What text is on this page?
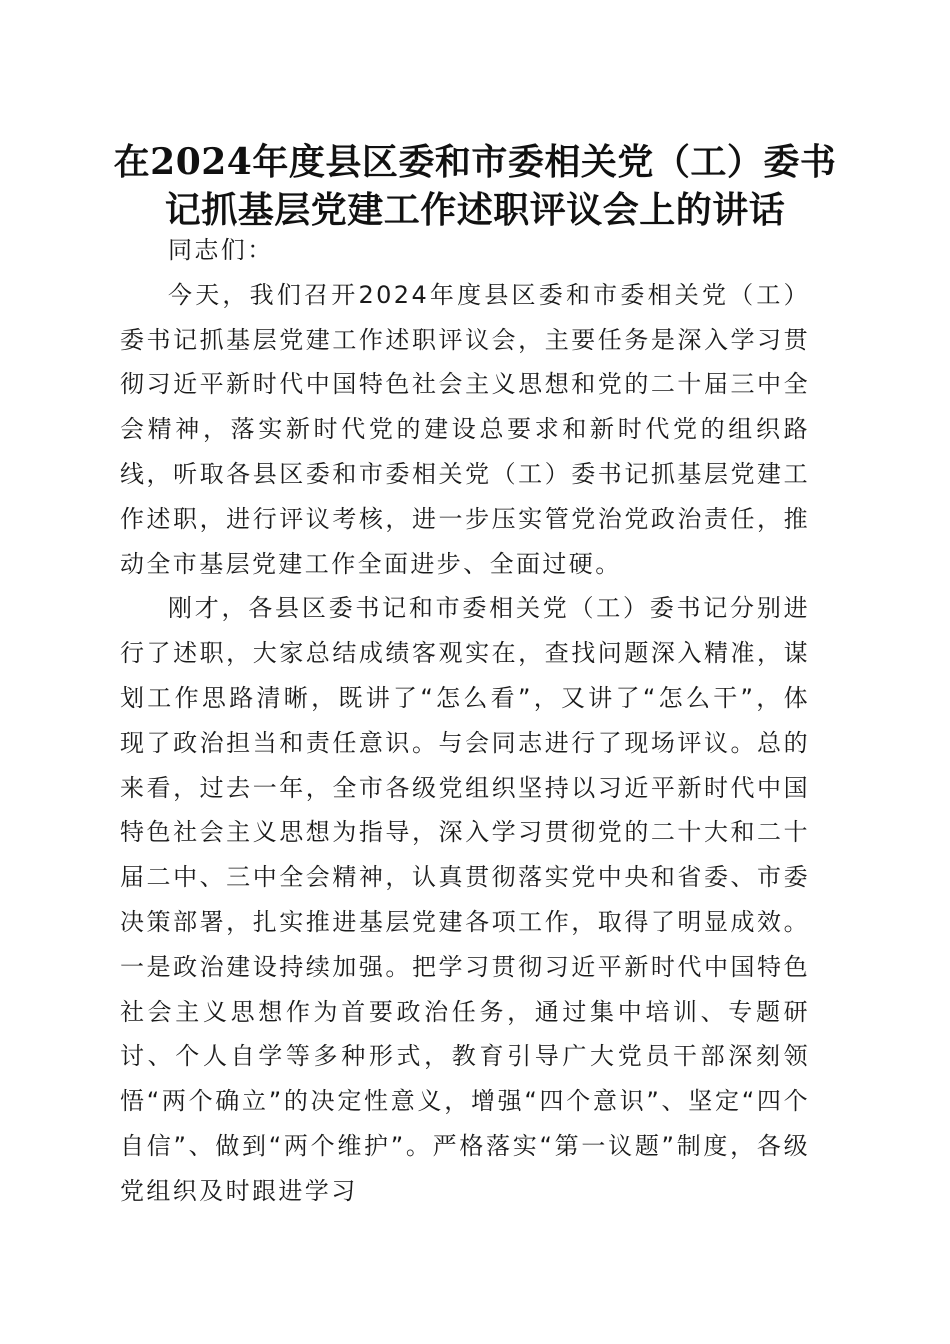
在2024年度县区委和市委相关党（工）委书记抓基层党建工作述职评议会上的讲话

同志们：

今天，我们召开2024年度县区委和市委相关党（工）委书记抓基层党建工作述职评议会，主要任务是深入学习贯彻习近平新时代中国特色社会主义思想和党的二十届三中全会精神，落实新时代党的建设总要求和新时代党的组织路线，听取各县区委和市委相关党（工）委书记抓基层党建工作述职，进行评议考核，进一步压实管党治党政治责任，推动全市基层党建工作全面进步、全面过硬。

刚才，各县区委书记和市委相关党（工）委书记分别进行了述职，大家总结成绩客观实在，查找问题深入精准，谋划工作思路清晰，既讲了“怎么看”，又讲了“怎么干”，体现了政治担当和责任意识。与会同志进行了现场评议。总的来看，过去一年，全市各级党组织坚持以习近平新时代中国特色社会主义思想为指导，深入学习贯彻党的二十大和二十届二中、三中全会精神，认真贯彻落实党中央和省委、市委决策部署，扎实推进基层党建各项工作，取得了明显成效。一是政治建设持续加强。把学习贯彻习近平新时代中国特色社会主义思想作为首要政治任务，通过集中培训、专题研讨、个人自学等多种形式，教育引导广大党员干部深刻领悟“两个确立”的决定性意义，增强“四个意识”、坚定“四个自信”、做到“两个维护”。严格落实“第一议题”制度，各级党组织及时跟进学习
